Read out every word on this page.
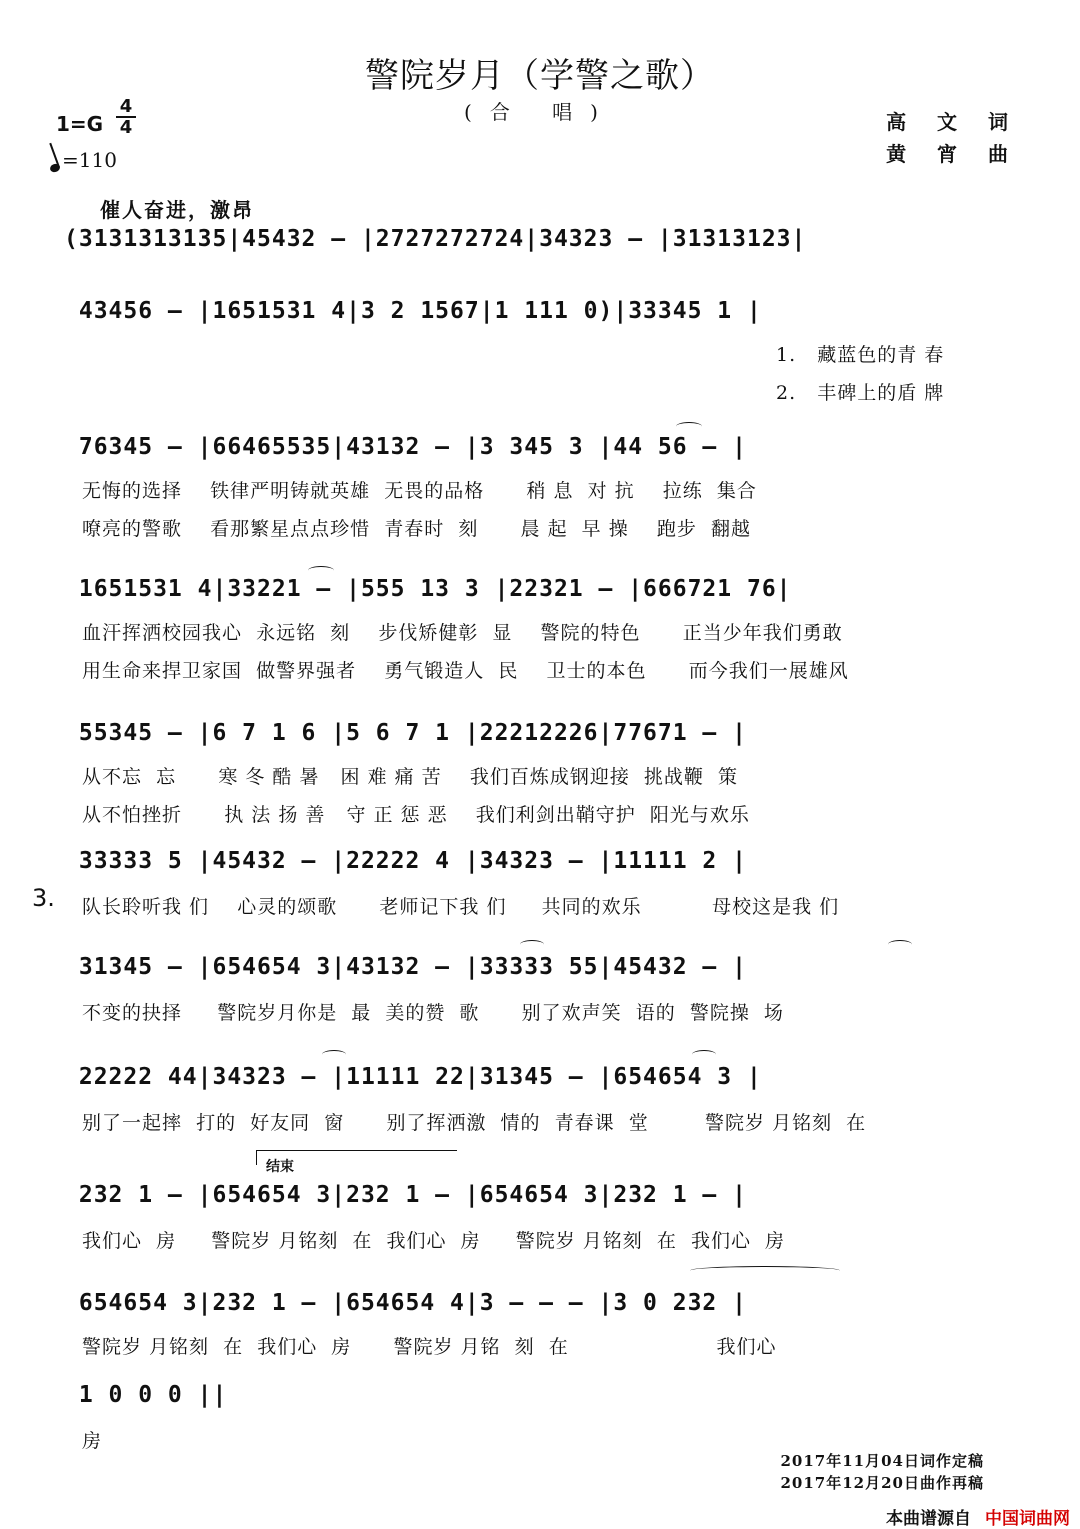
警院岁月（学警之歌）
(合 唱)
1=G
4
4
=110
高 文 词
黄 宵 曲
催人奋进，激昂
3.
结束
(3131313135|45432 – |2727272724|34323 – |31313123|
43456 – |1651531 4|3 2 1567|1 111 0)|33345 1 |
76345 – |66465535|43132 – |3 345 3 |44 56 – |
1651531 4|33221 – |555 13 3 |22321 – |666721 76|
55345 – |6 7 1 6 |5 6 7 1 |22212226|77671 – |
33333 5 |45432 – |22222 4 |34323 – |11111 2 |
31345 – |654654 3|43132 – |33333 55|45432 – |
22222 44|34323 – |11111 22|31345 – |654654 3 |
232 1 – |654654 3|232 1 – |654654 3|232 1 – |
654654 3|232 1 – |654654 4|3 – – – |3 0 232 |
1 0 0 0 ||
1.   藏蓝色的青 春
2.   丰碑上的盾 牌
无悔的选择    铁律严明铸就英雄  无畏的品格      稍 息  对 抗    拉练  集合
嘹亮的警歌    看那繁星点点珍惜  青春时  刻      晨 起  早 操    跑步  翻越
血汗挥洒校园我心  永远铭  刻    步伐矫健彰  显    警院的特色      正当少年我们勇敢
用生命来捍卫家国  做警界强者    勇气锻造人  民    卫士的本色      而今我们一展雄风
从不忘  忘      寒 冬 酷 暑   困 难 痛 苦    我们百炼成钢迎接  挑战鞭  策
从不怕挫折      执 法 扬 善   守 正 惩 恶    我们利剑出鞘守护  阳光与欢乐
队长聆听我 们    心灵的颂歌      老师记下我 们     共同的欢乐          母校这是我 们
不变的抉择     警院岁月你是  最  美的赞  歌      别了欢声笑  语的  警院操  场
别了一起摔  打的  好友同  窗      别了挥洒激  情的  青春课  堂        警院岁 月铭刻  在
我们心  房     警院岁 月铭刻  在  我们心  房     警院岁 月铭刻  在  我们心  房
警院岁 月铭刻  在  我们心  房      警院岁 月铭  刻  在                     我们心
房
2017年11月04日词作定稿
2017年12月20日曲作再稿
本曲谱源自 中国词曲网
